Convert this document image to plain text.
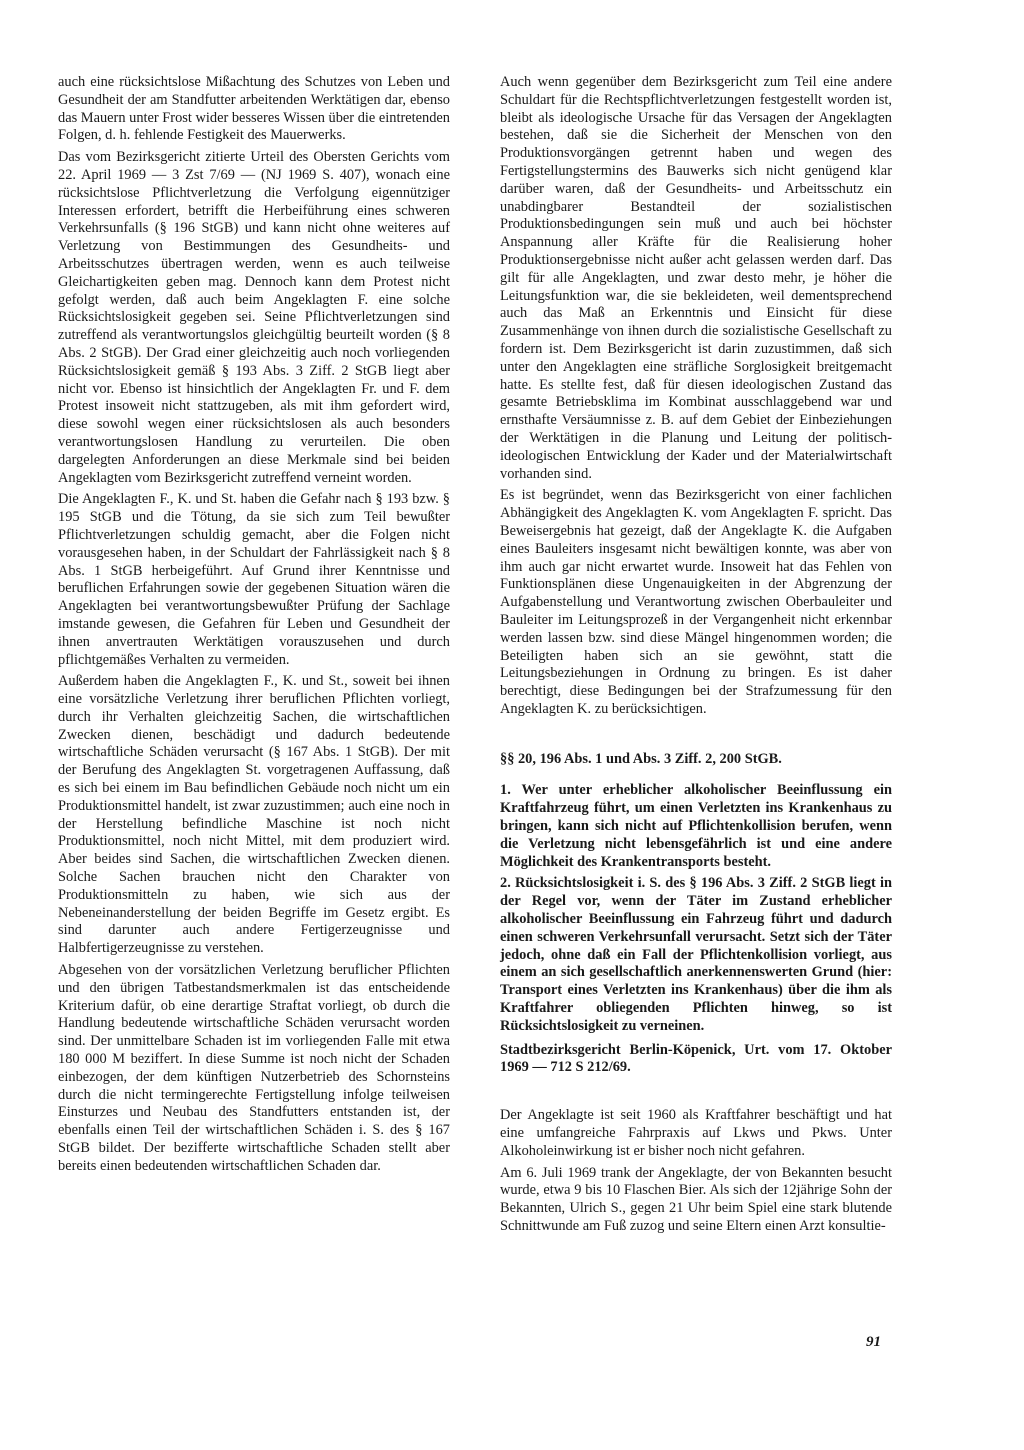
auch eine rücksichtslose Mißachtung des Schutzes von Leben und Gesundheit der am Standfutter arbeitenden Werktätigen dar, ebenso das Mauern unter Frost wider besseres Wissen über die eintretenden Folgen, d. h. fehlende Festigkeit des Mauerwerks.

Das vom Bezirksgericht zitierte Urteil des Obersten Gerichts vom 22. April 1969 — 3 Zst 7/69 — (NJ 1969 S. 407), wonach eine rücksichtslose Pflichtverletzung die Verfolgung eigennütziger Interessen erfordert, betrifft die Herbeiführung eines schweren Verkehrsunfalls (§ 196 StGB) und kann nicht ohne weiteres auf Verletzung von Bestimmungen des Gesundheits- und Arbeitsschutzes übertragen werden, wenn es auch teilweise Gleichartigkeiten geben mag. Dennoch kann dem Protest nicht gefolgt werden, daß auch beim Angeklagten F. eine solche Rücksichtslosigkeit gegeben sei. Seine Pflichtverletzungen sind zutreffend als verantwortungslos gleichgültig beurteilt worden (§ 8 Abs. 2 StGB). Der Grad einer gleichzeitig auch noch vorliegenden Rücksichtslosigkeit gemäß § 193 Abs. 3 Ziff. 2 StGB liegt aber nicht vor. Ebenso ist hinsichtlich der Angeklagten Fr. und F. dem Protest insoweit nicht stattzugeben, als mit ihm gefordert wird, diese sowohl wegen einer rücksichtslosen als auch besonders verantwortungslosen Handlung zu verurteilen. Die oben dargelegten Anforderungen an diese Merkmale sind bei beiden Angeklagten vom Bezirksgericht zutreffend verneint worden.

Die Angeklagten F., K. und St. haben die Gefahr nach § 193 bzw. § 195 StGB und die Tötung, da sie sich zum Teil bewußter Pflichtverletzungen schuldig gemacht, aber die Folgen nicht vorausgesehen haben, in der Schuldart der Fahrlässigkeit nach § 8 Abs. 1 StGB herbeigeführt. Auf Grund ihrer Kenntnisse und beruflichen Erfahrungen sowie der gegebenen Situation wären die Angeklagten bei verantwortungsbewußter Prüfung der Sachlage imstande gewesen, die Gefahren für Leben und Gesundheit der ihnen anvertrauten Werktätigen vorauszusehen und durch pflichtgemäßes Verhalten zu vermeiden.

Außerdem haben die Angeklagten F., K. und St., soweit bei ihnen eine vorsätzliche Verletzung ihrer beruflichen Pflichten vorliegt, durch ihr Verhalten gleichzeitig Sachen, die wirtschaftlichen Zwecken dienen, beschädigt und dadurch bedeutende wirtschaftliche Schäden verursacht (§ 167 Abs. 1 StGB). Der mit der Berufung des Angeklagten St. vorgetragenen Auffassung, daß es sich bei einem im Bau befindlichen Gebäude noch nicht um ein Produktionsmittel handelt, ist zwar zuzustimmen; auch eine noch in der Herstellung befindliche Maschine ist noch nicht Produktionsmittel, noch nicht Mittel, mit dem produziert wird. Aber beides sind Sachen, die wirtschaftlichen Zwecken dienen. Solche Sachen brauchen nicht den Charakter von Produktionsmitteln zu haben, wie sich aus der Nebeneinanderstellung der beiden Begriffe im Gesetz ergibt. Es sind darunter auch andere Fertigerzeugnisse und Halbfertigerzeugnisse zu verstehen.

Abgesehen von der vorsätzlichen Verletzung beruflicher Pflichten und den übrigen Tatbestandsmerkmalen ist das entscheidende Kriterium dafür, ob eine derartige Straftat vorliegt, ob durch die Handlung bedeutende wirtschaftliche Schäden verursacht worden sind. Der unmittelbare Schaden ist im vorliegenden Falle mit etwa 180 000 M beziffert. In diese Summe ist noch nicht der Schaden einbezogen, der dem künftigen Nutzerbetrieb des Schornsteins durch die nicht termingerechte Fertigstellung infolge teilweisen Einsturzes und Neubau des Standfutters entstanden ist, der ebenfalls einen Teil der wirtschaftlichen Schäden i. S. des § 167 StGB bildet. Der bezifferte wirtschaftliche Schaden stellt aber bereits einen bedeutenden wirtschaftlichen Schaden dar.

Auch wenn gegenüber dem Bezirksgericht zum Teil eine andere Schuldart für die Rechtspflichtverletzungen festgestellt worden ist, bleibt als ideologische Ursache für das Versagen der Angeklagten bestehen, daß sie die Sicherheit der Menschen von den Produktionsvorgängen getrennt haben und wegen des Fertigstellungstermins des Bauwerks sich nicht genügend klar darüber waren, daß der Gesundheits- und Arbeitsschutz ein unabdingbarer Bestandteil der sozialistischen Produktionsbedingungen sein muß und auch bei höchster Anspannung aller Kräfte für die Realisierung hoher Produktionsergebnisse nicht außer acht gelassen werden darf. Das gilt für alle Angeklagten, und zwar desto mehr, je höher die Leitungsfunktion war, die sie bekleideten, weil dementsprechend auch das Maß an Erkenntnis und Einsicht für diese Zusammenhänge von ihnen durch die sozialistische Gesellschaft zu fordern ist. Dem Bezirksgericht ist darin zuzustimmen, daß sich unter den Angeklagten eine sträfliche Sorglosigkeit breitgemacht hatte. Es stellte fest, daß für diesen ideologischen Zustand das gesamte Betriebsklima im Kombinat ausschlaggebend war und ernsthafte Versäumnisse z. B. auf dem Gebiet der Einbeziehungen der Werktätigen in die Planung und Leitung der politisch-ideologischen Entwicklung der Kader und der Materialwirtschaft vorhanden sind.

Es ist begründet, wenn das Bezirksgericht von einer fachlichen Abhängigkeit des Angeklagten K. vom Angeklagten F. spricht. Das Beweisergebnis hat gezeigt, daß der Angeklagte K. die Aufgaben eines Bauleiters insgesamt nicht bewältigen konnte, was aber von ihm auch gar nicht erwartet wurde. Insoweit hat das Fehlen von Funktionsplänen diese Ungenauigkeiten in der Abgrenzung der Aufgabenstellung und Verantwortung zwischen Oberbauleiter und Bauleiter im Leitungsprozeß in der Vergangenheit nicht erkennbar werden lassen bzw. sind diese Mängel hingenommen worden; die Beteiligten haben sich an sie gewöhnt, statt die Leitungsbeziehungen in Ordnung zu bringen. Es ist daher berechtigt, diese Bedingungen bei der Strafzumessung für den Angeklagten K. zu berücksichtigen.

§§ 20, 196 Abs. 1 und Abs. 3 Ziff. 2, 200 StGB.

1. Wer unter erheblicher alkoholischer Beeinflussung ein Kraftfahrzeug führt, um einen Verletzten ins Krankenhaus zu bringen, kann sich nicht auf Pflichtenkollision berufen, wenn die Verletzung nicht lebensgefährlich ist und eine andere Möglichkeit des Krankentransports besteht.

2. Rücksichtslosigkeit i. S. des § 196 Abs. 3 Ziff. 2 StGB liegt in der Regel vor, wenn der Täter im Zustand erheblicher alkoholischer Beeinflussung ein Fahrzeug führt und dadurch einen schweren Verkehrsunfall verursacht. Setzt sich der Täter jedoch, ohne daß ein Fall der Pflichtenkollision vorliegt, aus einem an sich gesellschaftlich anerkennenswerten Grund (hier: Transport eines Verletzten ins Krankenhaus) über die ihm als Kraftfahrer obliegenden Pflichten hinweg, so ist Rücksichtslosigkeit zu verneinen.

Stadtbezirksgericht Berlin-Köpenick, Urt. vom 17. Oktober 1969 — 712 S 212/69.

Der Angeklagte ist seit 1960 als Kraftfahrer beschäftigt und hat eine umfangreiche Fahrpraxis auf Lkws und Pkws. Unter Alkoholeinwirkung ist er bisher noch nicht gefahren.

Am 6. Juli 1969 trank der Angeklagte, der von Bekannten besucht wurde, etwa 9 bis 10 Flaschen Bier. Als sich der 12jährige Sohn der Bekannten, Ulrich S., gegen 21 Uhr beim Spiel eine stark blutende Schnittwunde am Fuß zuzog und seine Eltern einen Arzt konsultie-

91
